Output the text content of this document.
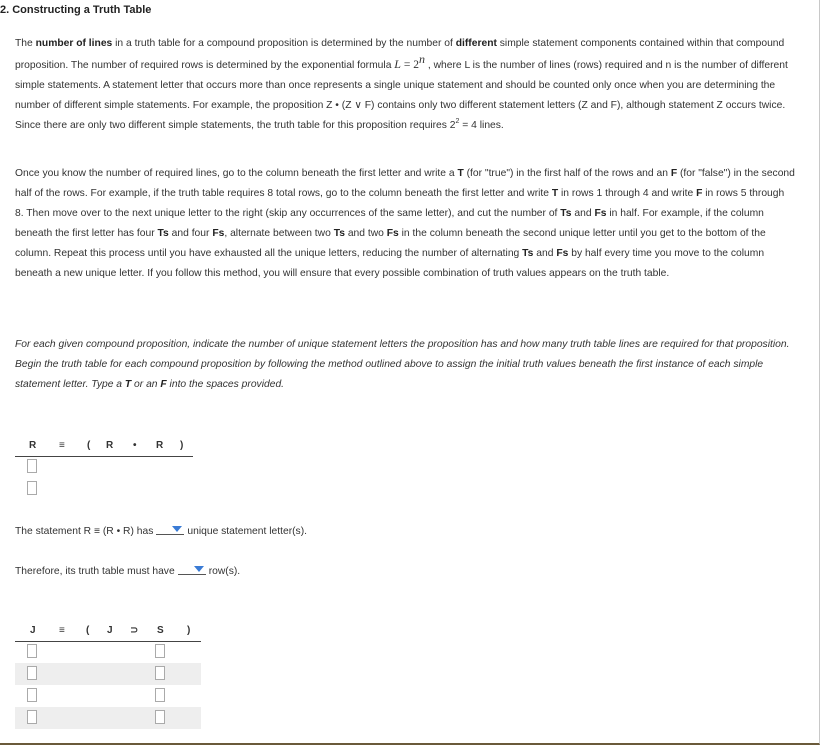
2. Constructing a Truth Table
The number of lines in a truth table for a compound proposition is determined by the number of different simple statement components contained within that compound proposition. The number of required rows is determined by the exponential formula $L = 2^n$ , where L is the number of lines (rows) required and n is the number of different simple statements. A statement letter that occurs more than once represents a single unique statement and should be counted only once when you are determining the number of different simple statements. For example, the proposition Z • (Z ∨ F) contains only two different statement letters (Z and F), although statement Z occurs twice. Since there are only two different simple statements, the truth table for this proposition requires $2^2 = 4$ lines.
Once you know the number of required lines, go to the column beneath the first letter and write a T (for "true") in the first half of the rows and an F (for "false") in the second half of the rows. For example, if the truth table requires 8 total rows, go to the column beneath the first letter and write T in rows 1 through 4 and write F in rows 5 through 8. Then move over to the next unique letter to the right (skip any occurrences of the same letter), and cut the number of Ts and Fs in half. For example, if the column beneath the first letter has four Ts and four Fs, alternate between two Ts and two Fs in the column beneath the second unique letter until you get to the bottom of the column. Repeat this process until you have exhausted all the unique letters, reducing the number of alternating Ts and Fs by half every time you move to the column beneath a new unique letter. If you follow this method, you will ensure that every possible combination of truth values appears on the truth table.
For each given compound proposition, indicate the number of unique statement letters the proposition has and how many truth table lines are required for that proposition. Begin the truth table for each compound proposition by following the method outlined above to assign the initial truth values beneath the first instance of each simple statement letter. Type a T or an F into the spaces provided.
R ≡ ( R • R )
The statement R ≡ (R • R) has	unique statement letter(s).
Therefore, its truth table must have	row(s).
J ≡ ( J ⊃ S )
